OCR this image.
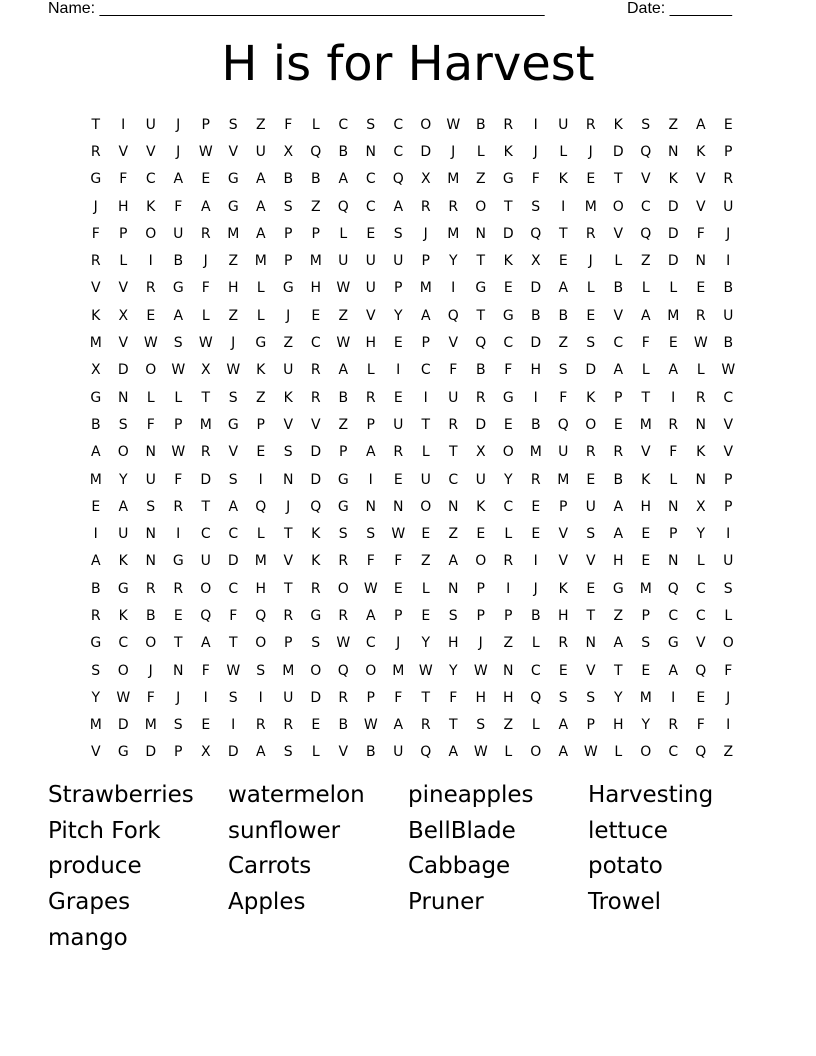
Name: __________________________________________________	Date: _______
H is for Harvest
T	I	U	J	P	S	Z	F	L	C	S	C	O	W	B	R	I	U	R	K	S	Z	A	E
R	V	V	J	W	V	U	X	Q	B	N	C	D	J	L	K	J	L	J	D	Q	N	K	P
G	F	C	A	E	G	A	B	B	A	C	Q	X	M	Z	G	F	K	E	T	V	K	V	R
J	H	K	F	A	G	A	S	Z	Q	C	A	R	R	O	T	S	I	M	O	C	D	V	U
F	P	O	U	R	M	A	P	P	L	E	S	J	M	N	D	Q	T	R	V	Q	D	F	J
R	L	I	B	J	Z	M	P	M	U	U	U	P	Y	T	K	X	E	J	L	Z	D	N	I
V	V	R	G	F	H	L	G	H	W	U	P	M	I	G	E	D	A	L	B	L	L	E	B
K	X	E	A	L	Z	L	J	E	Z	V	Y	A	Q	T	G	B	B	E	V	A	M	R	U
M	V	W	S	W	J	G	Z	C	W	H	E	P	V	Q	C	D	Z	S	C	F	E	W	B
X	D	O	W	X	W	K	U	R	A	L	I	C	F	B	F	H	S	D	A	L	A	L	W
G	N	L	L	T	S	Z	K	R	B	R	E	I	U	R	G	I	F	K	P	T	I	R	C
B	S	F	P	M	G	P	V	V	Z	P	U	T	R	D	E	B	Q	O	E	M	R	N	V
A	O	N	W	R	V	E	S	D	P	A	R	L	T	X	O	M	U	R	R	V	F	K	V
M	Y	U	F	D	S	I	N	D	G	I	E	U	C	U	Y	R	M	E	B	K	L	N	P
E	A	S	R	T	A	Q	J	Q	G	N	N	O	N	K	C	E	P	U	A	H	N	X	P
I	U	N	I	C	C	L	T	K	S	S	W	E	Z	E	L	E	V	S	A	E	P	Y	I
A	K	N	G	U	D	M	V	K	R	F	F	Z	A	O	R	I	V	V	H	E	N	L	U
B	G	R	R	O	C	H	T	R	O	W	E	L	N	P	I	J	K	E	G	M	Q	C	S
R	K	B	E	Q	F	Q	R	G	R	A	P	E	S	P	P	B	H	T	Z	P	C	C	L
G	C	O	T	A	T	O	P	S	W	C	J	Y	H	J	Z	L	R	N	A	S	G	V	O
S	O	J	N	F	W	S	M	O	Q	O	M	W	Y	W	N	C	E	V	T	E	A	Q	F
Y	W	F	J	I	S	I	U	D	R	P	F	T	F	H	H	Q	S	S	Y	M	I	E	J
M	D	M	S	E	I	R	R	E	B	W	A	R	T	S	Z	L	A	P	H	Y	R	F	I
V	G	D	P	X	D	A	S	L	V	B	U	Q	A	W	L	O	A	W	L	O	C	Q	Z
Strawberries	watermelon	pineapples	Harvesting
Pitch Fork	sunflower	BellBlade	lettuce
produce	Carrots	Cabbage	potato
Grapes	Apples	Pruner	Trowel
mango
